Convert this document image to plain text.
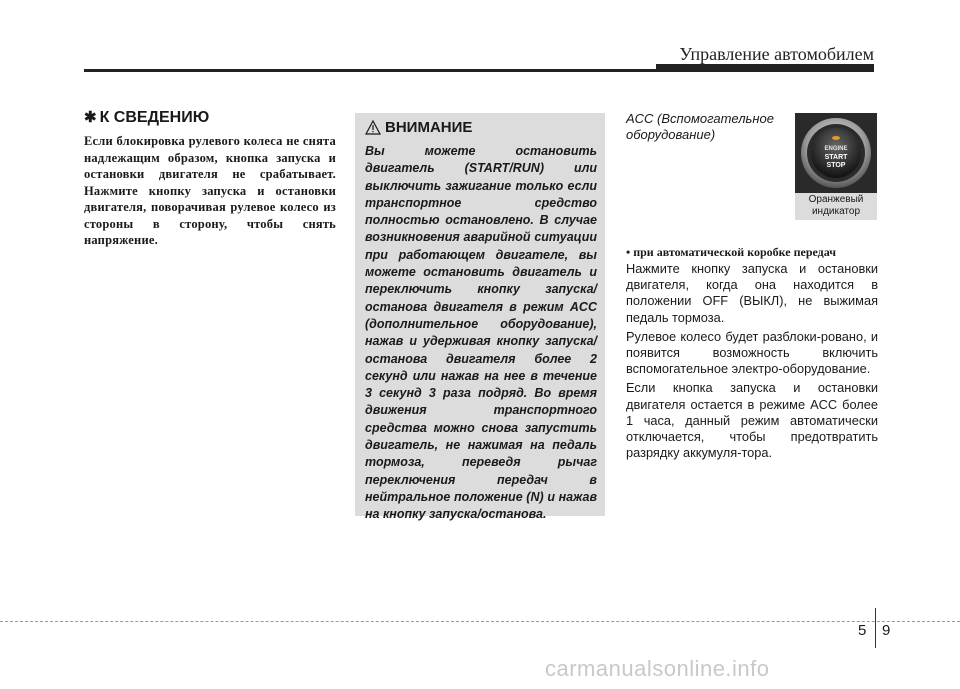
Управление автомобилем
✱ К СВЕДЕНИЮ

Если блокировка рулевого колеса не снята надлежащим образом, кнопка запуска и остановки двигателя не срабатывает. Нажмите кнопку запуска и остановки двигателя, поворачивая рулевое колесо из стороны в сторону, чтобы снять напряжение.

ВНИМАНИЕ

Вы можете остановить двигатель (START/RUN) или выключить зажигание только если транспортное средство полностью остановлено. В случае возникновения аварийной ситуации при работающем двигателе, вы можете остановить двигатель и переключить кнопку запуска/останова двигателя в режим ACC (дополнительное оборудование), нажав и удерживая кнопку запуска/останова двигателя более 2 секунд или нажав на нее в течение 3 секунд 3 раза подряд. Во время движения транспортного средства можно снова запустить двигатель, не нажимая на педаль тормоза, переведя рычаг переключения передач в нейтральное положение (N) и нажав на кнопку запуска/останова.

ACC (Вспомогательное оборудование)

• при автоматической коробке передач

Нажмите кнопку запуска и остановки двигателя, когда она находится в положении OFF (ВЫКЛ), не выжимая педаль тормоза.

Рулевое колесо будет разблоки-ровано, и появится возможность включить вспомогательное электро-оборудование.

Если кнопка запуска и остановки двигателя остается в режиме ACC более 1 часа, данный режим автоматически отключается, чтобы предотвратить разрядку аккумуля-тора.

ENGINE
START
STOP
Оранжевый индикатор
5 9
carmanualsonline.info
